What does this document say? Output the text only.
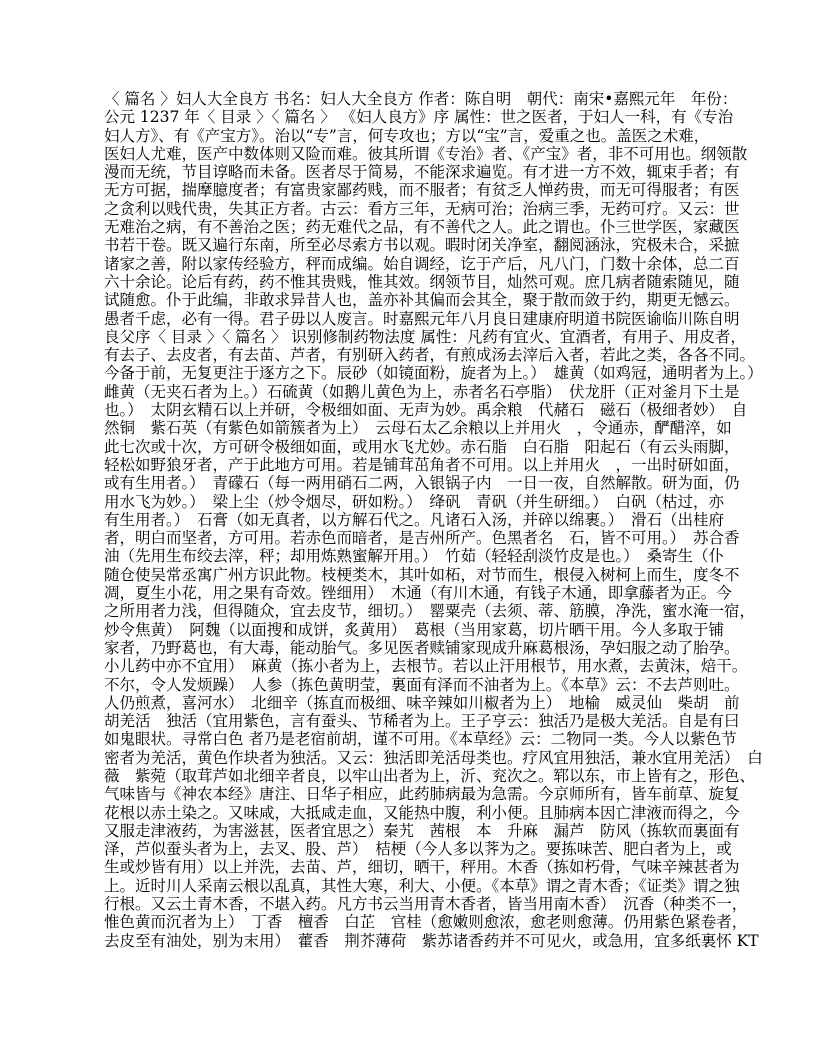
〈 篇名 〉妇人大全良方 书名：妇人大全良方 作者：陈自明　朝代：南宋•嘉熙元年　年份：
公元 1237 年〈 目录 〉〈 篇名 〉 《妇人良方》序 属性：世之医者，于妇人一科，有《专治
妇人方》、有《产宝方》。治以“专”言，何专攻也；方以“宝”言，爱重之也。盖医之术难，
医妇人尤难，医产中数体则又险而难。彼其所谓《专治》者、《产宝》者，非不可用也。纲领散
漫而无统，节目谆略而未备。医者尽于简易，不能深求遍览。有才进一方不效，辄束手者；有
无方可据，揣摩臆度者；有富贵家鄙药贱，而不服者；有贫乏人惮药贵，而无可得服者；有医
之贪利以贱代贵，失其正方者。古云：看方三年，无病可治；治病三季，无药可疗。又云：世
无难治之病，有不善治之医；药无难代之品，有不善代之人。此之谓也。仆三世学医，家藏医
书若干卷。既又遍行东南，所至必尽索方书以观。暇时闭关净室，翻阅涵泳，究极未合，采摭
诸家之善，附以家传经验方，秤而成编。始自调经，讫于产后，凡八门，门数十余体，总二百
六十余论。论后有药，药不惟其贵贱，惟其效。纲领节目，灿然可观。庶几病者随索随见，随
试随愈。仆于此编，非敢求异昔人也，盖亦补其偏而会其全，聚于散而敛于约，期更无憾云。
愚者千虑，必有一得。君子毋以人废言。时嘉熙元年八月良日建康府明道书院医谕临川陈自明
良父序〈 目录 〉〈 篇名 〉 识别修制药物法度 属性：凡药有宜火、宜酒者，有用子、用皮者，
有去子、去皮者，有去苗、芦者，有别研入药者，有煎成汤去滓后入者，若此之类，各各不同。
今备于前，无复更注于逐方之下。辰砂（如镜面粉，旋者为上。）　雄黄（如鸡冠，通明者为上。）
雌黄（无夹石者为上。）石硫黄（如鹅儿黄色为上，赤者名石亭脂）　伏龙肝（正对釜月下土是
也。）　太阴玄精石以上并研，令极细如面、无声为妙。禹余粮　代赭石　磁石（极细者妙）　自
然铜　紫石英（有紫色如箭簇者为上）　云母石太乙余粮以上并用火　，令通赤，酽醋淬，如
此七次或十次，方可研令极细如面，或用水飞尤妙。赤石脂　白石脂　阳起石（有云头雨脚，
轻松如野狼牙者，产于此地方可用。若是铺茸茁角者不可用。以上并用火　，一出时研如面，
或有生用者。）　青礞石（每一两用硝石二两，入银锅子内　一日一夜，自然解散。研为面，仍
用水飞为妙。）　梁上尘（炒令烟尽，研如粉。）　绛矾　青矾（并生研细。）　白矾（枯过，亦
有生用者。）　石膏（如无真者，以方解石代之。凡诸石入汤，并碎以绵裹。）　滑石（出桂府
者，明白而坚者，方可用。若赤色而暗者，是吉州所产。色黑者名　石，皆不可用。）　苏合香
油（先用生布绞去滓，秤；却用炼熟蜜解开用。）　竹茹（轻轻刮淡竹皮是也。）　桑寄生（仆
随仓使吴常丞寓广州方识此物。枝梗类木，其叶如柘，对节而生，根侵入树柯上而生，度冬不
凋，夏生小花，用之果有奇效。锉细用）　木通（有川木通，有钱子木通，即拿藤者为正。今
之所用者力浅，但得随众，宜去皮节，细切。）　罂粟壳（去须、蒂、筋膜，净洗，蜜水淹一宿，
炒令焦黄）　阿魏（以面搜和成饼，炙黄用）　葛根（当用家葛，切片晒干用。今人多取于铺
家者，乃野葛也，有大毒，能动胎气。多见医者赎铺家现成升麻葛根汤，孕妇服之动了胎孕。
小儿药中亦不宜用）　麻黄（拣小者为上，去根节。若以止汗用根节，用水煮，去黄沫，焙干。
不尔，令人发烦躁）　人参（拣色黄明莹，裏面有泽而不油者为上。《本草》云：不去芦则吐。
人仍煎煮，喜河水）　北细辛（拣直而极细、味辛辣如川椒者为上）　地榆　威灵仙　柴胡　前
胡羌活　独活（宜用紫色，言有蚕头、节稀者为上。王子亨云：独活乃是极大羌活。自是有曰
如鬼眼状。寻常白色 者乃是老宿前胡，谨不可用。《本草经》云：二物同一类。今人以紫色节
密者为羌活，黄色作块者为独活。又云：独活即羌活母类也。疗风宜用独活，兼水宜用羌活）　白
薇　紫菀（取茸芦如北细辛者良，以牢山出者为上，沂、兖次之。郓以东，市上皆有之，形色、
气味皆与《神农本经》唐注、日华子相应，此药肺病最为急需。今京师所有，皆车前草、旋复
花根以赤土染之。又味咸，大抵咸走血，又能热中腹，利小便。且肺病本因亡津液而得之，今
又服走津液药，为害滋甚，医者宜思之）秦艽　茜根　本　升麻　漏芦　防风（拣软而裏面有
泽，芦似蚕头者为上，去叉、股、芦）　桔梗（今人多以荠为之。要拣味苦、肥白者为上，或
生或炒皆有用）以上并洗，去苗、芦，细切，晒干，秤用。木香（拣如朽骨，气味辛辣甚者为
上。近时川人采南云根以乱真，其性大寒，利大、小便。《本草》谓之青木香；《证类》谓之独
行根。又云土青木香，不堪入药。凡方书云当用青木香者，皆当用南木香）　沉香（种类不一，
惟色黄而沉者为上）　丁香　檀香　白芷　官桂（愈嫩则愈浓，愈老则愈薄。仍用紫色紧卷者，
去皮至有油处，别为末用）　藿香　荆芥薄荷　紫苏诸香药并不可见火，或急用，宜多纸裏怀 KT
